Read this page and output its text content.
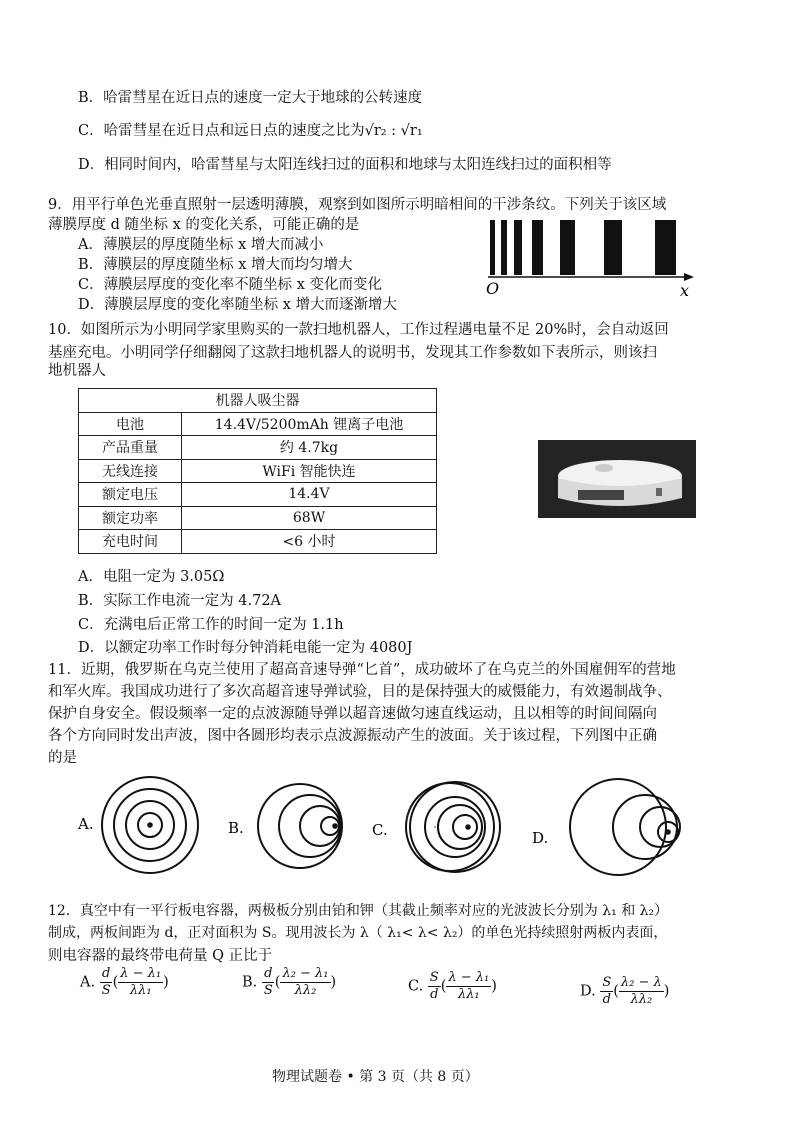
B．哈雷彗星在近日点的速度一定大于地球的公转速度
C．哈雷彗星在近日点和远日点的速度之比为√r₂ : √r₁
D．相同时间内，哈雷彗星与太阳连线扫过的面积和地球与太阳连线扫过的面积相等
9．用平行单色光垂直照射一层透明薄膜，观察到如图所示明暗相间的干涉条纹。下列关于该区域
薄膜厚度 d 随坐标 x 的变化关系，可能正确的是
A．薄膜层的厚度随坐标 x 增大而减小
B．薄膜层的厚度随坐标 x 增大而均匀增大
C．薄膜层厚度的变化率不随坐标 x 变化而变化
D．薄膜层厚度的变化率随坐标 x 增大而逐渐增大
O	x
10．如图所示为小明同学家里购买的一款扫地机器人，工作过程遇电量不足 20%时，会自动返回
基座充电。小明同学仔细翻阅了这款扫地机器人的说明书，发现其工作参数如下表所示，则该扫
地机器人
机器人吸尘器	
电池	14.4V/5200mAh 锂离子电池
产品重量	约 4.7kg
无线连接	WiFi 智能快连
额定电压	14.4V
额定功率	68W
充电时间	<6 小时
A．电阻一定为 3.05Ω
B．实际工作电流一定为 4.72A
C．充满电后正常工作的时间一定为 1.1h
D．以额定功率工作时每分钟消耗电能一定为 4080J
11．近期，俄罗斯在乌克兰使用了超高音速导弹“匕首”，成功破坏了在乌克兰的外国雇佣军的营地
和军火库。我国成功进行了多次高超音速导弹试验，目的是保持强大的威慑能力，有效遏制战争、
保护自身安全。假设频率一定的点波源随导弹以超音速做匀速直线运动，且以相等的时间间隔向
各个方向同时发出声波，图中各圆形均表示点波源振动产生的波面。关于该过程，下列图中正确
的是
A.	B.	C.	D.
12．真空中有一平行板电容器，两极板分别由铂和钾（其截止频率对应的光波波长分别为 λ₁ 和 λ₂）
制成，两板间距为 d，正对面积为 S。现用波长为 λ（ λ₁< λ< λ₂）的单色光持续照射两板内表面，
则电容器的最终带电荷量 Q 正比于
A. $\frac{d}{S}$ ( $\frac{\text{λ − λ₁}}{\text{λλ₁}}$ )	B. $\frac{d}{S}$ ( $\frac{\text{λ₂ − λ₁}}{\text{λλ₂}}$ )	C. $\frac{S}{d}$ ( $\frac{\text{λ − λ₁}}{\text{λλ₁}}$ )	D. $\frac{S}{d}$ ( $\frac{\text{λ₂ − λ}}{\text{λλ₂}}$ )
物理试题卷 • 第 3 页（共 8 页）
